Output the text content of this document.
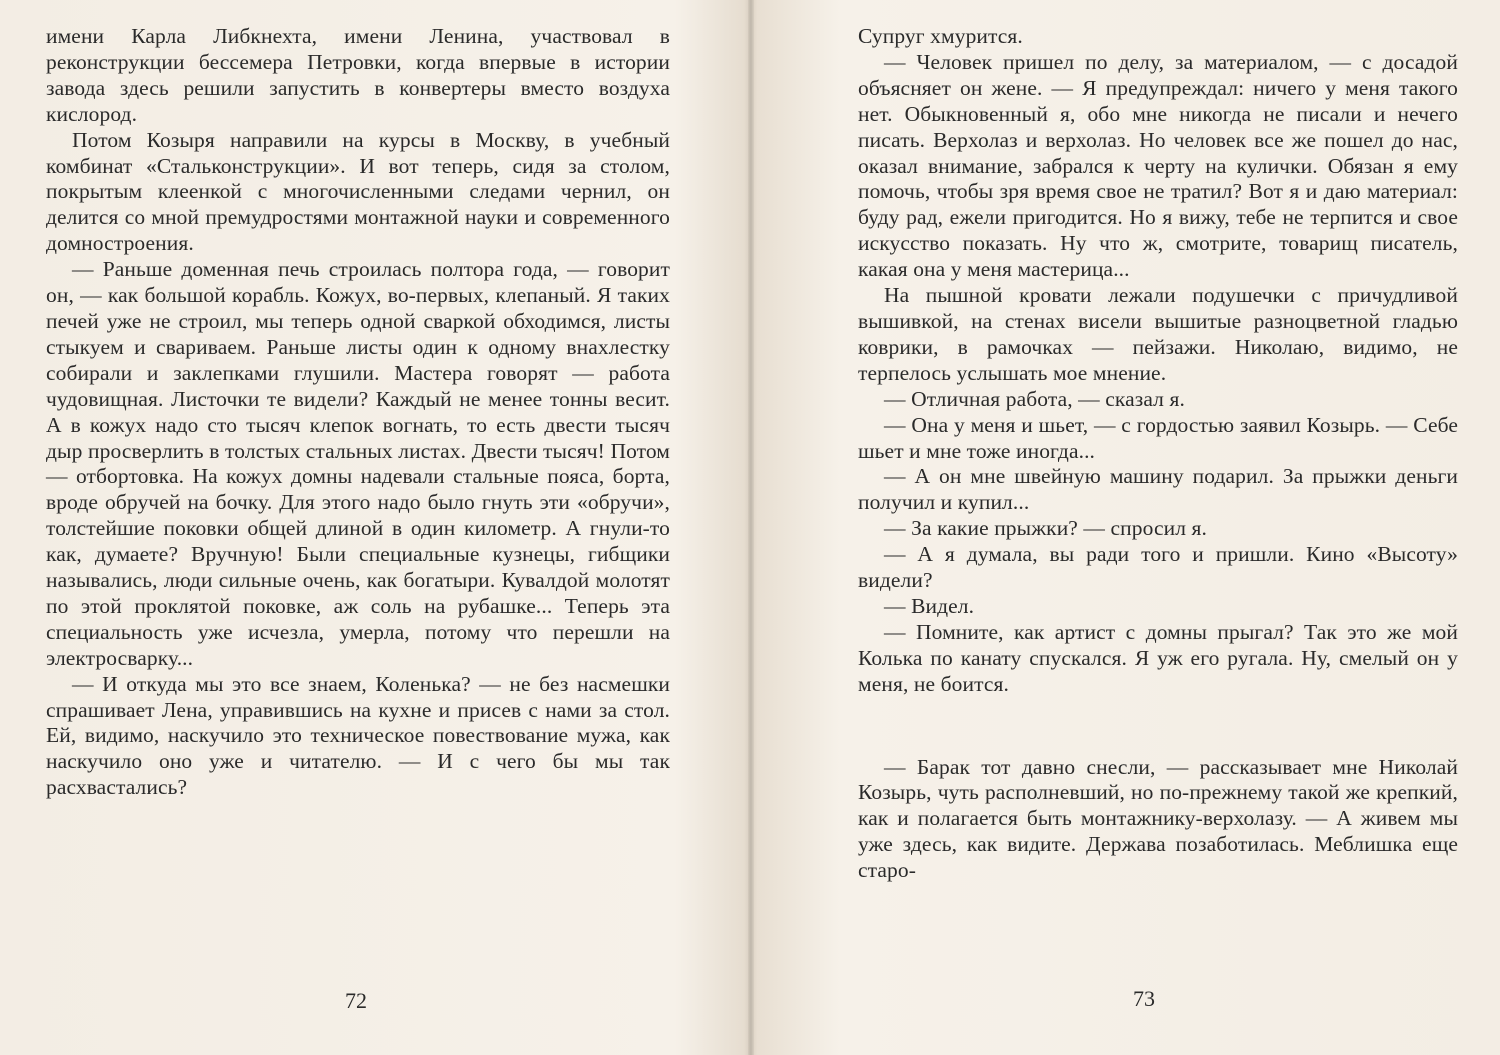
имени Карла Либкнехта, имени Ленина, участвовал в реконструкции бессемера Петровки, когда впервые в истории завода здесь решили запустить в конвертеры вместо воздуха кислород.

Потом Козыря направили на курсы в Москву, в учебный комбинат «Стальконструкции». И вот теперь, сидя за столом, покрытым клеенкой с многочисленными следами чернил, он делится со мной премудростями монтажной науки и современного домностроения.

— Раньше доменная печь строилась полтора года, — говорит он, — как большой корабль. Кожух, во-первых, клепаный. Я таких печей уже не строил, мы теперь одной сваркой обходимся, листы стыкуем и свариваем. Раньше листы один к одному внахлестку собирали и заклепками глушили. Мастера говорят — работа чудовищная. Листочки те видели? Каждый не менее тонны весит. А в кожух надо сто тысяч клепок вогнать, то есть двести тысяч дыр просверлить в толстых стальных листах. Двести тысяч! Потом — отбортовка. На кожух домны надевали стальные пояса, борта, вроде обручей на бочку. Для этого надо было гнуть эти «обручи», толстейшие поковки общей длиной в один километр. А гнули-то как, думаете? Вручную! Были специальные кузнецы, гибщики назывались, люди сильные очень, как богатыри. Кувалдой молотят по этой проклятой поковке, аж соль на рубашке... Теперь эта специальность уже исчезла, умерла, потому что перешли на электросварку...

— И откуда мы это все знаем, Коленька? — не без насмешки спрашивает Лена, управившись на кухне и присев с нами за стол. Ей, видимо, наскучило это техническое повествование мужа, как наскучило оно уже и читателю. — И с чего бы мы так расхвастались?

72

Супруг хмурится.

— Человек пришел по делу, за материалом, — с досадой объясняет он жене. — Я предупреждал: ничего у меня такого нет. Обыкновенный я, обо мне никогда не писали и нечего писать. Верхолаз и верхолаз. Но человек все же пошел до нас, оказал внимание, забрался к черту на кулички. Обязан я ему помочь, чтобы зря время свое не тратил? Вот я и даю материал: буду рад, ежели пригодится. Но я вижу, тебе не терпится и свое искусство показать. Ну что ж, смотрите, товарищ писатель, какая она у меня мастерица...

На пышной кровати лежали подушечки с причудливой вышивкой, на стенах висели вышитые разноцветной гладью коврики, в рамочках — пейзажи. Николаю, видимо, не терпелось услышать мое мнение.

— Отличная работа, — сказал я.

— Она у меня и шьет, — с гордостью заявил Козырь. — Себе шьет и мне тоже иногда...

— А он мне швейную машину подарил. За прыжки деньги получил и купил...

— За какие прыжки? — спросил я.

— А я думала, вы ради того и пришли. Кино «Высоту» видели?

— Видел.

— Помните, как артист с домны прыгал? Так это же мой Колька по канату спускался. Я уж его ругала. Ну, смелый он у меня, не боится.

— Барак тот давно снесли, — рассказывает мне Николай Козырь, чуть располневший, но по-прежнему такой же крепкий, как и полагается быть монтажнику-верхолазу. — А живем мы уже здесь, как видите. Держава позаботилась. Меблишка еще старо-

73
